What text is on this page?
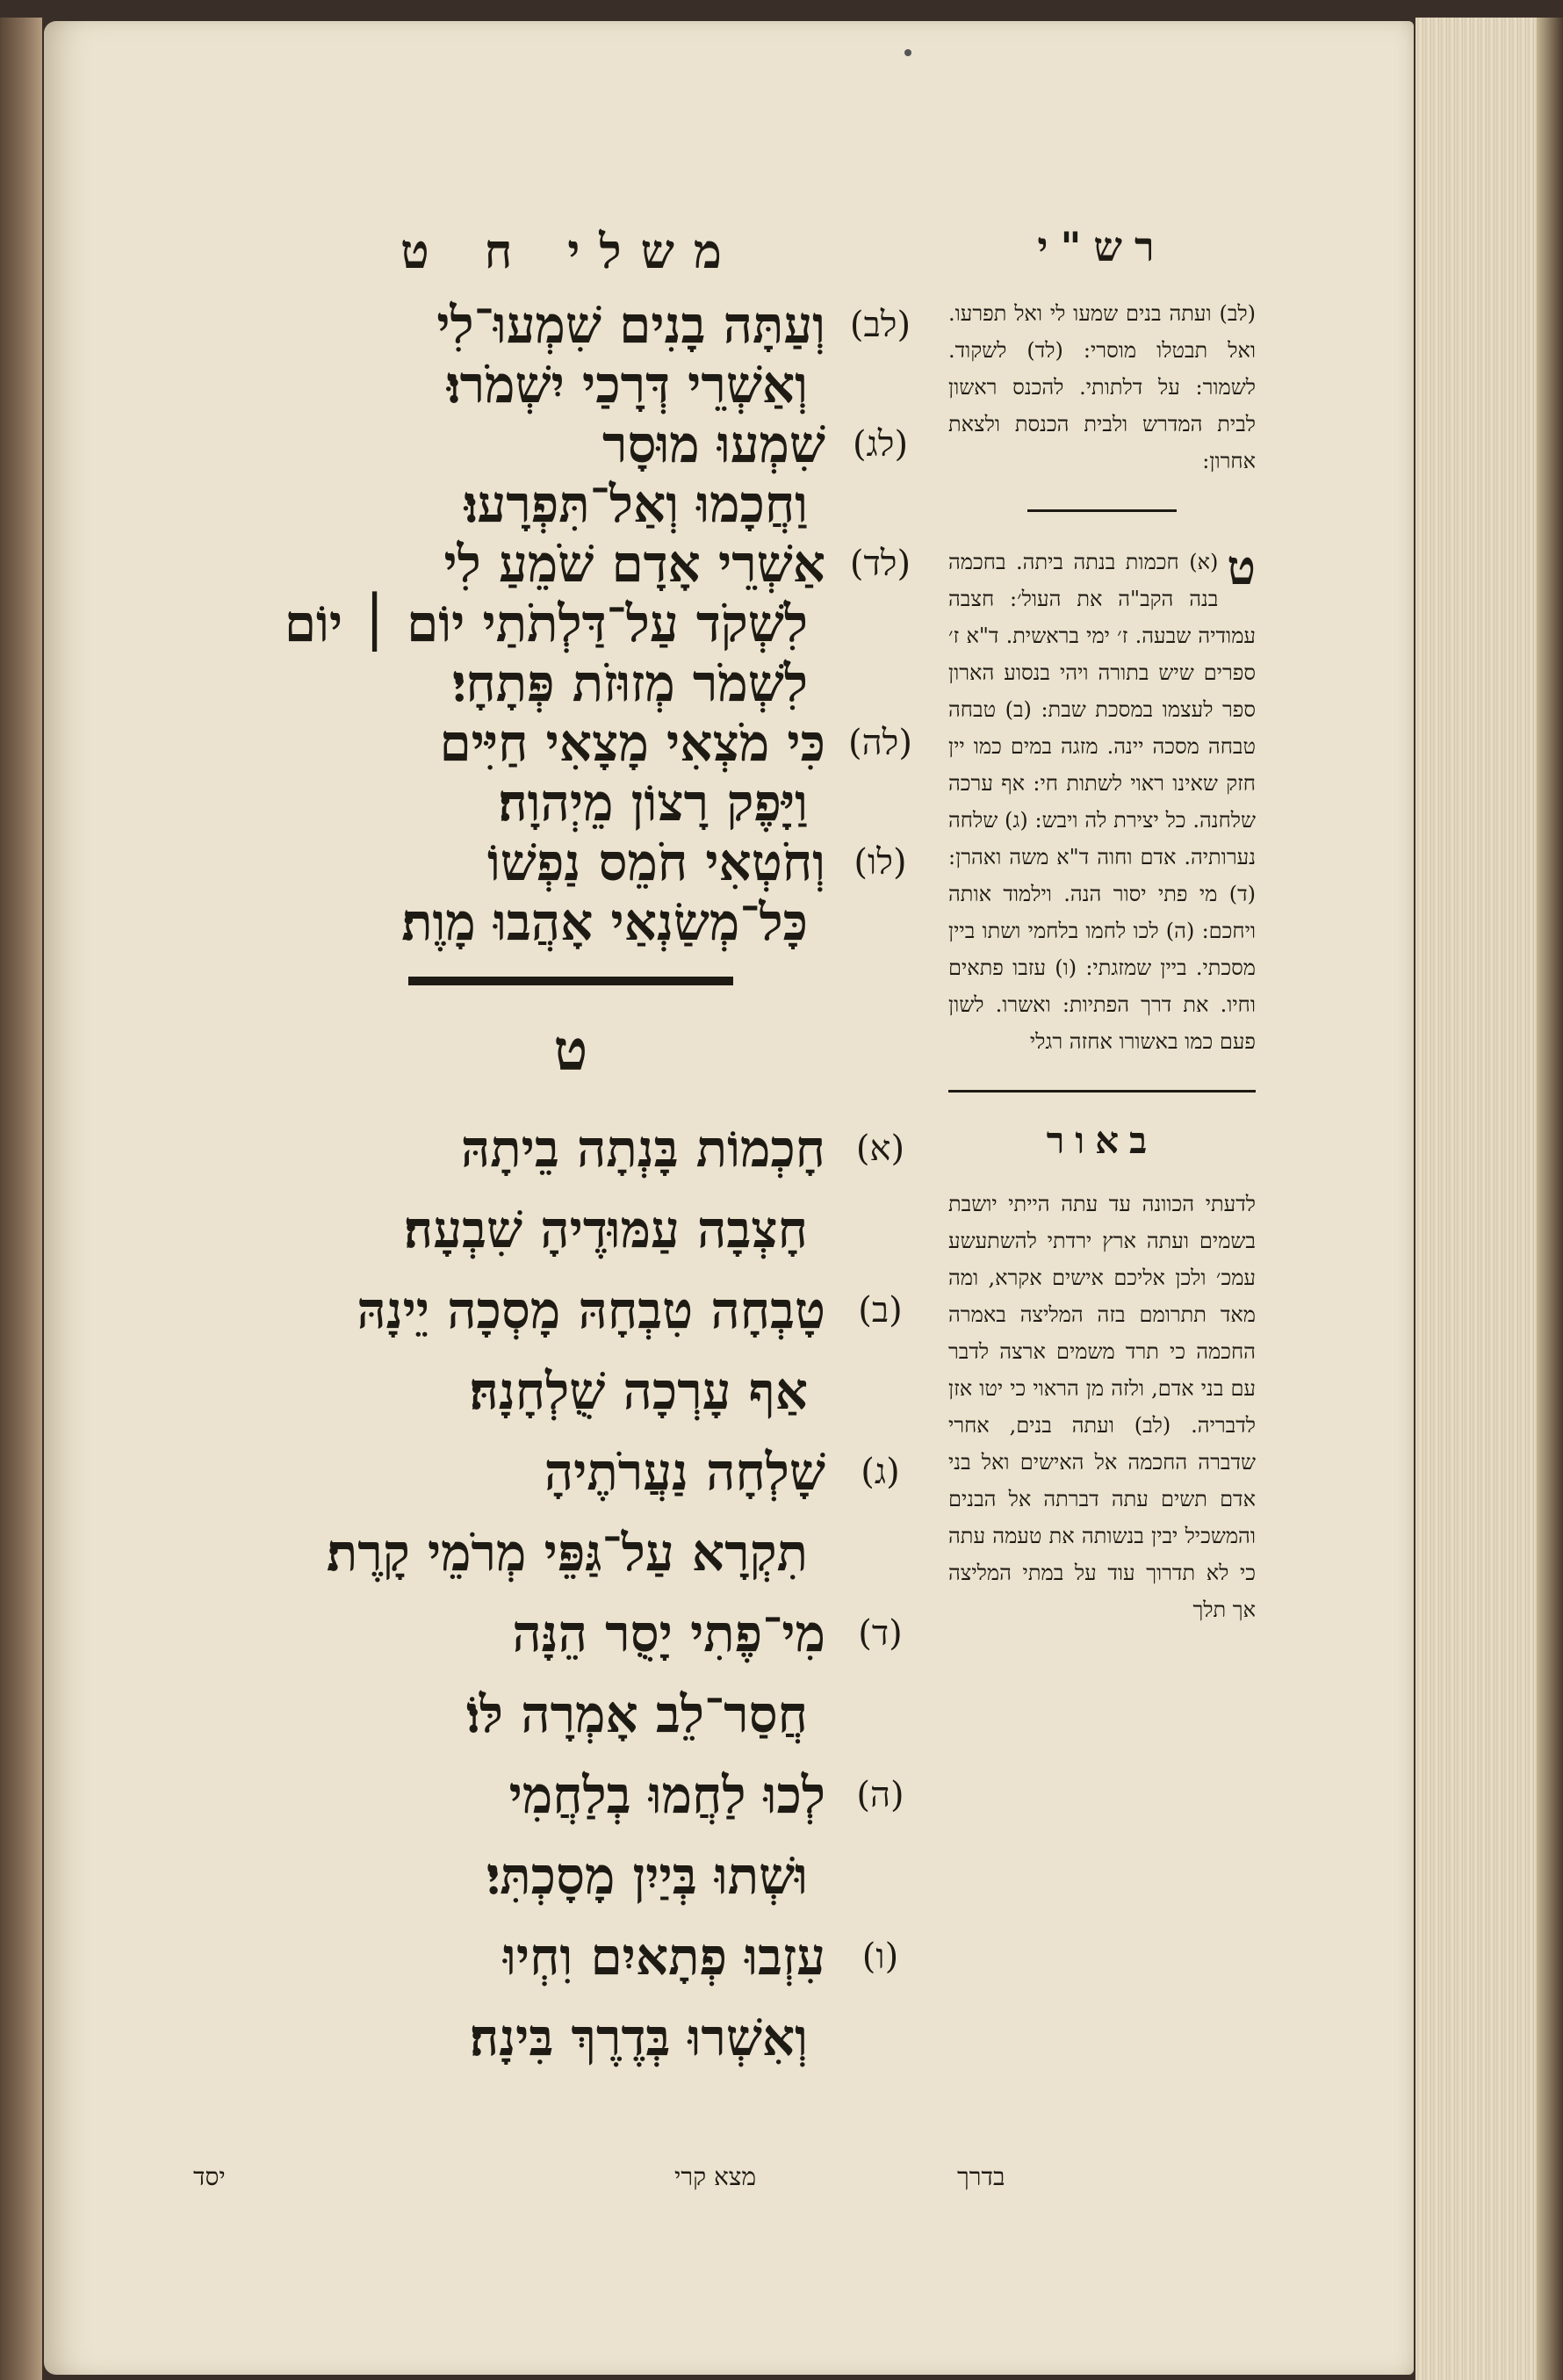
משלי ח ט
(לב)
וְעַתָּה בָנִים שִׁמְעוּ־לִי
וְאַשְׁרֵי דְּרָכַי יִשְׁמֹרוּ׃
(לג)
שִׁמְעוּ מוּסָר
וַחֲכָמוּ וְאַל־תִּפְרָעוּ׃
(לד)
אַשְׁרֵי אָדָם שֹׁמֵעַ לִי
לִשְׁקֹד עַל־דַּלְתֹתַי יוֹם ׀ יוֹם
לִשְׁמֹר מְזוּזֹת פְּתָחָי׃
(לה)
כִּי מֹצְאִי מָצָאִי חַיִּים
וַיָּפֶק רָצוֹן מֵיְהוָה׃
(לו)
וְחֹטְאִי חֹמֵס נַפְשׁוֹ
כָּל־מְשַׂנְאַי אָהֲבוּ מָוֶת׃
ט
(א)
חָכְמוֹת בָּנְתָה בֵיתָהּ
חָצְבָה עַמּוּדֶיהָ שִׁבְעָה׃
(ב)
טָבְחָה טִבְחָהּ מָסְכָה יֵינָהּ
אַף עָרְכָה שֻׁלְחָנָהּ׃
(ג)
שָׁלְחָה נַעֲרֹתֶיהָ
תִקְרָא עַל־גַּפֵּי מְרֹמֵי קָרֶת׃
(ד)
מִי־פֶתִי יָסֻר הֵנָּה
חֲסַר־לֵב אָמְרָה לּוֹ׃
(ה)
לְכוּ לַחֲמוּ בְלַחֲמִי
וּשְׁתוּ בְּיַיִן מָסָכְתִּי׃
(ו)
עִזְבוּ פְתָאיִם וִחְיוּ
וְאִשְׁרוּ בְּדֶרֶךְ בִּינָה׃
רש"י

(לב) ועתה בנים שמעו לי ואל תפרעו. ואל תבטלו מוסרי: (לד) לשקוד. לשמור: על דלתותי. להכנס ראשון לבית המדרש ולבית הכנסת ולצאת אחרון:

ט

(א) חכמות בנתה ביתה. בחכמה בנה הקב"ה את העול׳: חצבה עמודיה שבעה. ז׳ ימי בראשית. ד"א ז׳ ספרים שיש בתורה ויהי בנסוע הארון ספר לעצמו במסכת שבת: (ב) טבחה טבחה מסכה יינה. מזגה במים כמו יין חזק שאינו ראוי לשתות חי: אף ערכה שלחנה. כל יצירת לה ויבש: (ג) שלחה נערותיה. אדם וחוה ד"א משה ואהרן: (ד) מי פתי יסור הנה. וילמוד אותה ויחכם: (ה) לכו לחמו בלחמי ושתו ביין מסכתי. ביין שמזגתי: (ו) עזבו פתאים וחיו. את דרך הפתיות: ואשרו. לשון פעם כמו באשורו אחזה רגלי

באור

לדעתי הכוונה עד עתה הייתי יושבת בשמים ועתה ארץ ירדתי להשתעשע עמכ׳ ולכן אליכם אישים אקרא, ומה מאד תתרומם בזה המליצה באמרה החכמה כי תרד משמים ארצה לדבר עם בני אדם, ולזה מן הראוי כי יטו אזן לדבריה. (לב) ועתה בנים, אחרי שדברה החכמה אל האישים ואל בני אדם תשים עתה דברתה אל הבנים והמשכיל יבין בנשותה את טעמה עתה כי לא תדרוך עוד על במתי המליצה אך תלך

יסד	מצא קרי	בדרך
